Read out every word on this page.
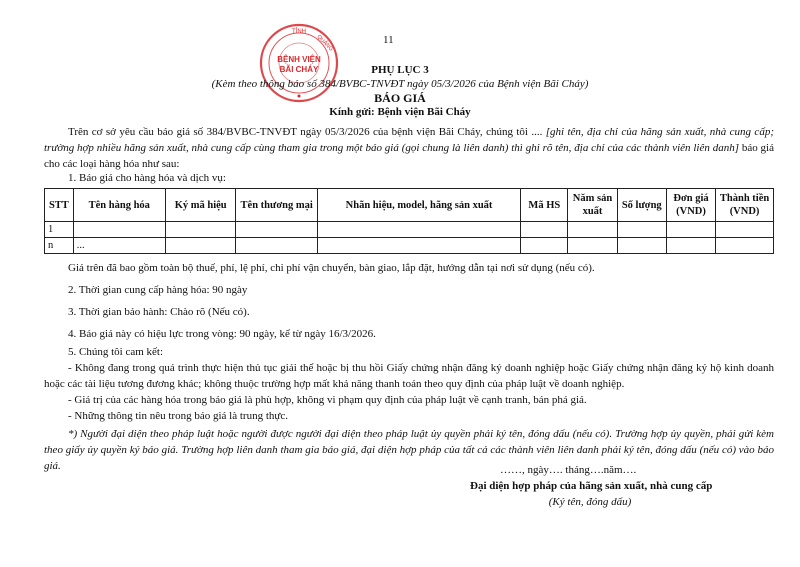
TỈNH
QUẢNG
BỆNH VIỆN
BÃI CHÁY
11
PHỤ LỤC 3
(Kèm theo thông báo số 384/BVBC-TNVĐT ngày 05/3/2026 của Bệnh viện Bãi Cháy)
BÁO GIÁ
Kính gửi: Bệnh viện Bãi Cháy
Trên cơ sở yêu cầu báo giá số 384/BVBC-TNVĐT ngày 05/3/2026 của bệnh viện Bãi Cháy, chúng tôi .... [ghi tên, địa chỉ của hãng sản xuất, nhà cung cấp; trường hợp nhiều hãng sản xuất, nhà cung cấp cùng tham gia trong một báo giá (gọi chung là liên danh) thì ghi rõ tên, địa chỉ của các thành viên liên danh] báo giá cho các loại hàng hóa như sau:
1. Báo giá cho hàng hóa và dịch vụ:
STT	Tên hàng hóa	Ký mã hiệu	Tên thương mại	Nhãn hiệu, model, hãng sản xuất	Mã HS	Năm sản xuất	Số lượng	Đơn giá (VND)	Thành tiền (VND)
1									
n	...								
Giá trên đã bao gồm toàn bộ thuế, phí, lệ phí, chi phí vận chuyển, bàn giao, lắp đặt, hướng dẫn tại nơi sử dụng (nếu có).
2. Thời gian cung cấp hàng hóa: 90 ngày
3. Thời gian bảo hành: Chào rõ (Nếu có).
4. Báo giá này có hiệu lực trong vòng: 90 ngày, kể từ ngày 16/3/2026.
5. Chúng tôi cam kết:
- Không đang trong quá trình thực hiện thủ tục giải thể hoặc bị thu hồi Giấy chứng nhận đăng ký doanh nghiệp hoặc Giấy chứng nhận đăng ký hộ kinh doanh hoặc các tài liệu tương đương khác; không thuộc trường hợp mất khả năng thanh toán theo quy định của pháp luật về doanh nghiệp.
- Giá trị của các hàng hóa trong báo giá là phù hợp, không vi phạm quy định của pháp luật về cạnh tranh, bán phá giá.
- Những thông tin nêu trong báo giá là trung thực.
*) Người đại diện theo pháp luật hoặc người được người đại diện theo pháp luật ủy quyền phải ký tên, đóng dấu (nếu có). Trường hợp ủy quyền, phải gửi kèm theo giấy ủy quyền ký báo giá. Trường hợp liên danh tham gia báo giá, đại diện hợp pháp của tất cả các thành viên liên danh phải ký tên, đóng dấu (nếu có) vào báo giá.	……, ngày…. tháng….năm….
Đại diện hợp pháp của hãng sản xuất, nhà cung cấp
(Ký tên, đóng dấu)
